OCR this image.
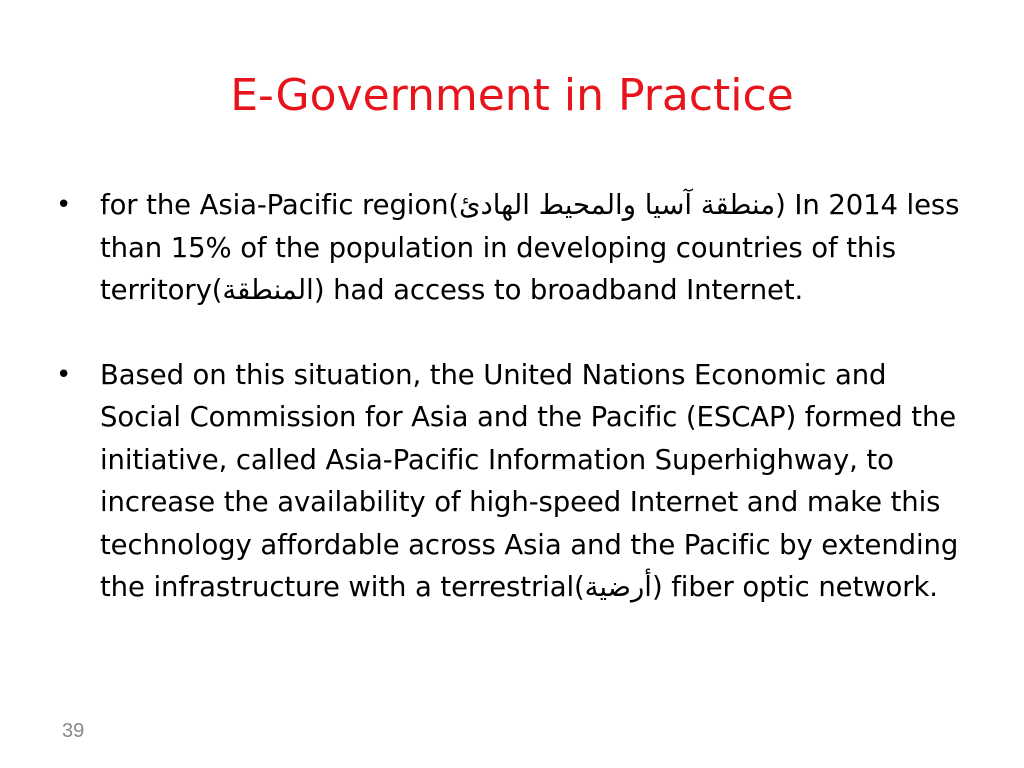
E-Government in Practice
•	for the Asia-Pacific region(منطقة آسيا والمحيط الهادئ) In 2014 less than 15% of the population in developing countries of this territory(المنطقة) had access to broadband Internet.
•	Based on this situation, the United Nations Economic and Social Commission for Asia and the Pacific (ESCAP) formed the initiative, called Asia-Pacific Information Superhighway, to increase the availability of high-speed Internet and make this technology affordable across Asia and the Pacific by extending the infrastructure with a terrestrial(أرضية) fiber optic network.
39
